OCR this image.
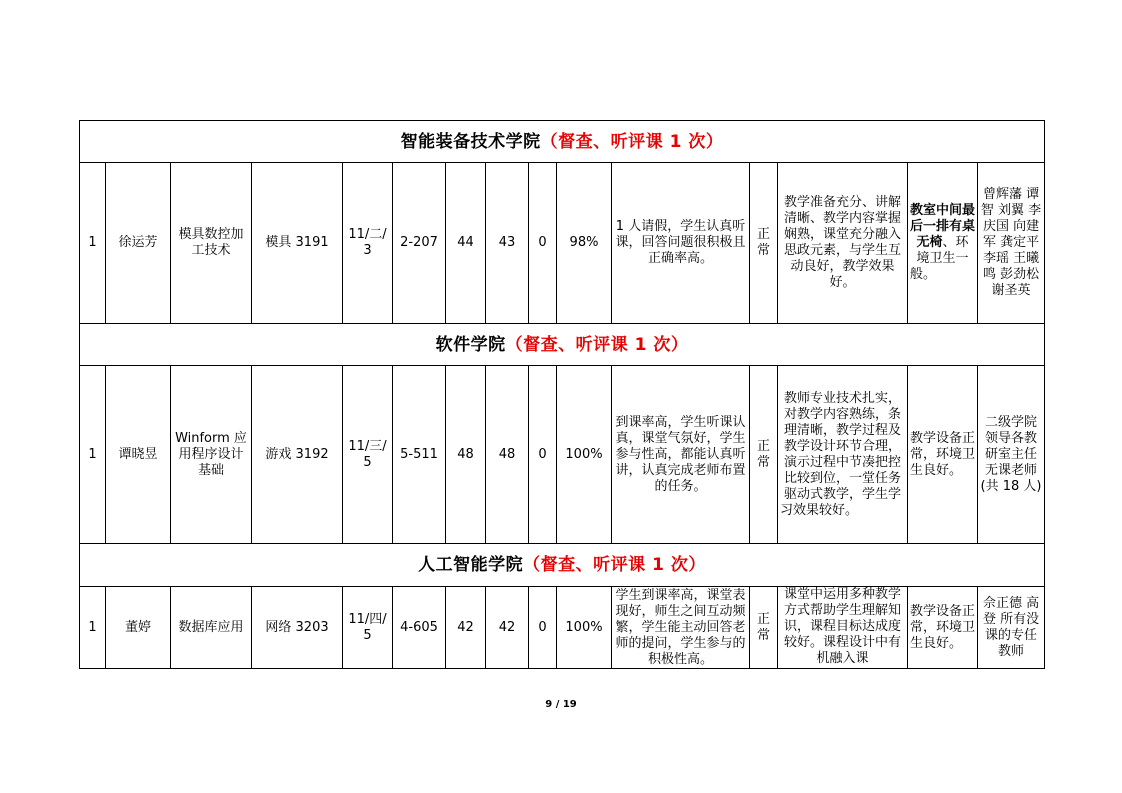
智能装备技术学院（督查、听评课 1 次）														
1	徐运芳	模具数控加工技术	模具 3191	11/二/3	2-207	44	43	0	98%	1 人请假，学生认真听课，回答问题很积极且正确率高。	正常	教学准备充分、讲解清晰、教学内容掌握娴熟，课堂充分融入思政元素，与学生互动良好，教学效果好。	教室中间最后一排有桌无椅、环境卫生一般。	曾辉藩 谭智 刘翼 李庆国 向建军 龚定平 李瑶 王曦鸣 彭劲松 谢圣英
软件学院（督查、听评课 1 次）														
1	谭晓昱	Winform 应用程序设计基础	游戏 3192	11/三/5	5-511	48	48	0	100%	到课率高，学生听课认真，课堂气氛好，学生参与性高，都能认真听讲，认真完成老师布置的任务。	正常	教师专业技术扎实，对教学内容熟练，条理清晰，教学过程及教学设计环节合理，演示过程中节凑把控比较到位，一堂任务驱动式教学，学生学习效果较好。	教学设备正常，环境卫生良好。	二级学院领导各教研室主任无课老师(共 18 人)
人工智能学院（督查、听评课 1 次）														
1	董婷	数据库应用	网络 3203	11/四/5	4-605	42	42	0	100%	学生到课率高，课堂表现好，师生之间互动频繁，学生能主动回答老师的提问，学生参与的积极性高。	正常	课堂中运用多种教学方式帮助学生理解知识，课程目标达成度较好。课程设计中有机融入课	教学设备正常，环境卫生良好。	佘正德 高登 所有没课的专任教师
9 / 19
